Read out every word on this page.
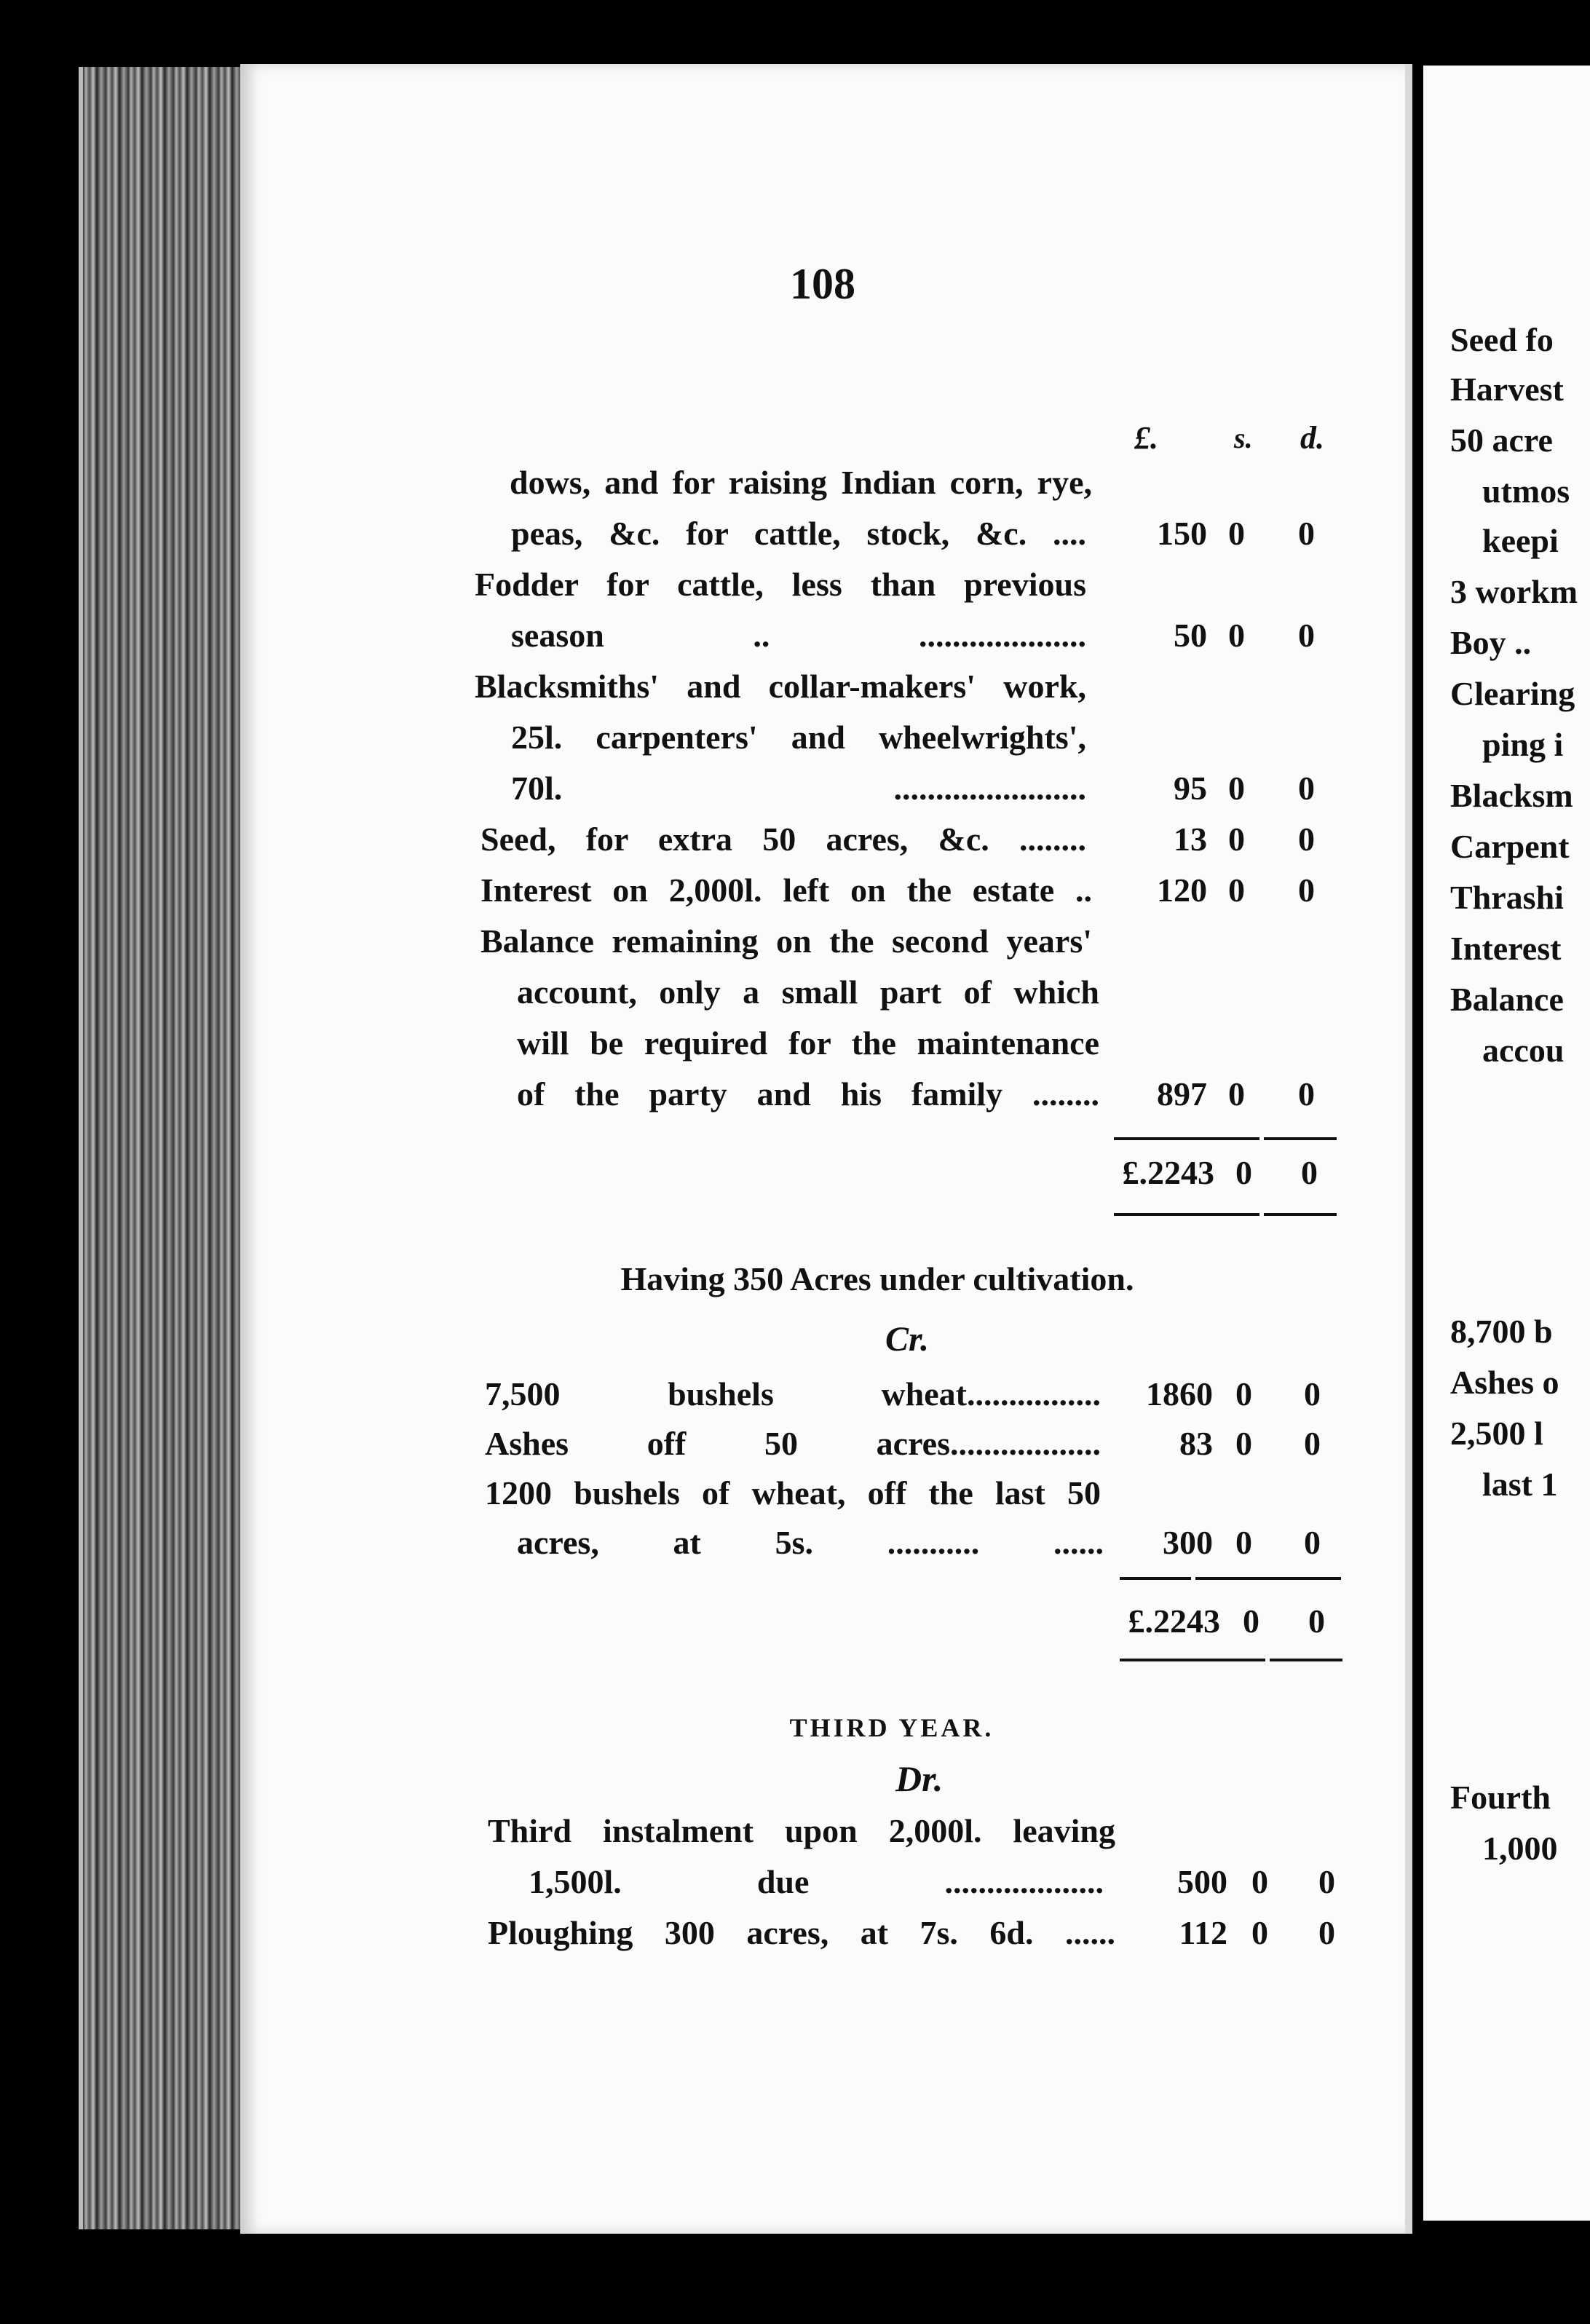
108
£.	s. d.
dows, and for raising Indian corn, rye,
peas, &c. for cattle, stock, &c. ....	150 0	0
Fodder for cattle, less than previous
season .. ....................	50 0	0
Blacksmiths' and collar-makers' work,
25l. carpenters' and wheelwrights',
70l. .......................	95 0	0
Seed, for extra 50 acres, &c. ........	13 0	0
Interest on 2,000l. left on the estate ..	120 0	0
Balance remaining on the second years'
account, only a small part of which
will be required for the maintenance
of the party and his family ........	897 0	0
£.2243 0	0
Having 350 Acres under cultivation.
Cr.
7,500 bushels wheat................	1860 0	0
Ashes off 50 acres..................	83 0	0
1200 bushels of wheat, off the last 50
acres, at 5s. ........... ......	300 0	0
£.2243 0	0
THIRD YEAR.
Dr.
Third instalment upon 2,000l. leaving
1,500l. due ...................	500 0	0
Ploughing 300 acres, at 7s. 6d. ......	112 0	0
Seed fo
Harvest
50 acre
utmos
keepi
3 workm
Boy ..
Clearing
ping i
Blacksm
Carpent
Thrashi
Interest
Balance
accou
8,700 b
Ashes o
2,500 l
last 1
Fourth
1,000
